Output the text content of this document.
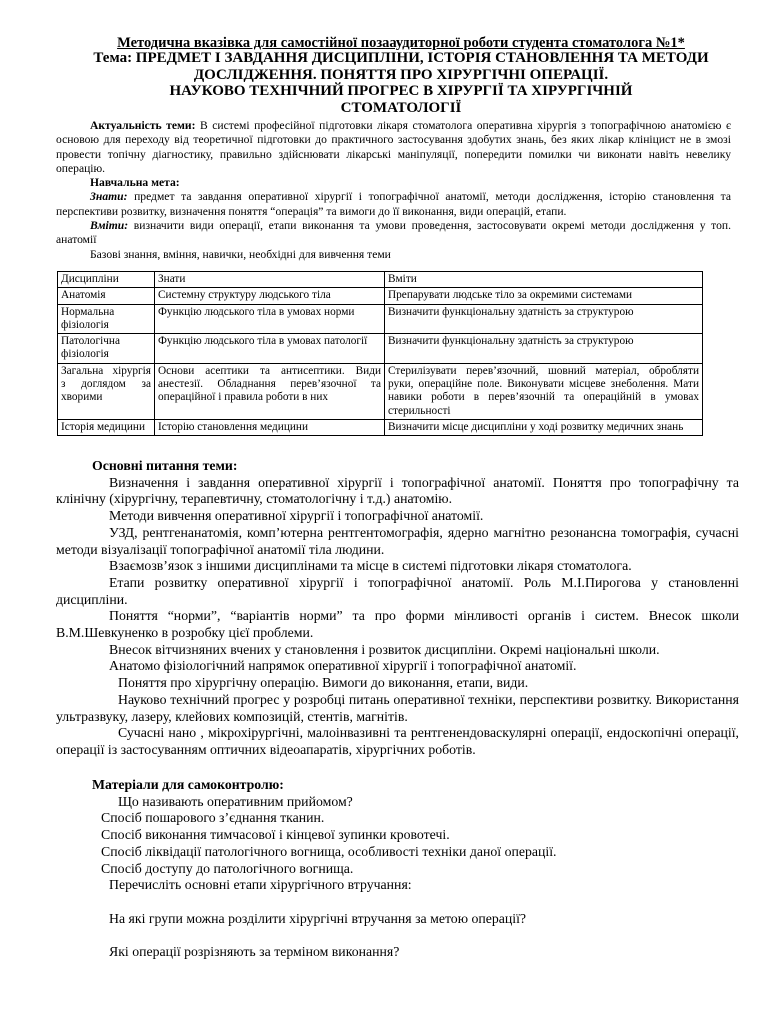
Методична вказівка для самостійної позааудиторної роботи студента стоматолога №1*
Тема: ПРЕДМЕТ І ЗАВДАННЯ ДИСЦИПЛІНИ, ІСТОРІЯ СТАНОВЛЕННЯ ТА МЕТОДИ
ДОСЛІДЖЕННЯ. ПОНЯТТЯ ПРО ХІРУРГІЧНІ ОПЕРАЦІЇ.
НАУКОВО ТЕХНІЧНИЙ ПРОГРЕС В ХІРУРГІЇ ТА ХІРУРГІЧНІЙ
СТОМАТОЛОГІЇ

Актуальність теми: В системі професійної підготовки лікаря стоматолога оперативна хірургія з топографічною анатомією є основою для переходу від теоретичної підготовки до практичного застосування здобутих знань, без яких лікар клініцист не в змозі провести топічну діагностику, правильно здійснювати лікарські маніпуляції, попередити помилки чи виконати навіть невелику операцію.

Навчальна мета:

Знати: предмет та завдання оперативної хірургії і топографічної анатомії, методи дослідження, історію становлення та перспективи розвитку, визначення поняття “операція” та вимоги до її виконання, види операцій, етапи.

Вміти: визначити види операції, етапи виконання та умови проведення, застосовувати окремі методи дослідження у топ. анатомії

Базові знання, вміння, навички, необхідні для вивчення теми

Дисципліни	Знати	Вміти
Анатомія	Системну структуру людського тіла	Препарувати людське тіло за окремими системами
Нормальна фізіологія	Функцію людського тіла в умовах норми	Визначити функціональну здатність за структурою
Патологічна фізіологія	Функцію людського тіла в умовах патології	Визначити функціональну здатність за структурою
Загальна хірургія з доглядом за хворими	Основи асептики та антисептики. Види анестезії. Обладнання перев’язочної та операційної і правила роботи в них	Стерилізувати перев’язочний, шовний матеріал, обробляти руки, операційне поле. Виконувати місцеве знеболення. Мати навики роботи в перев’язочній та операційній в умовах стерильності
Історія медицини	Історію становлення медицини	Визначити місце дисципліни у ході розвитку медичних знань

Основні питання теми:

Визначення і завдання оперативної хірургії і топографічної анатомії. Поняття про топографічну та клінічну (хірургічну, терапевтичну, стоматологічну і т.д.) анатомію.

Методи вивчення оперативної хірургії і топографічної анатомії.

УЗД, рентгенанатомія, комп’ютерна рентгентомографія, ядерно магнітно резонансна томографія, сучасні методи візуалізації топографічної анатомії тіла людини.

Взаємозв’язок з іншими дисциплінами та місце в системі підготовки лікаря стоматолога.

Етапи розвитку оперативної хірургії і топографічної анатомії. Роль М.І.Пирогова у становленні дисципліни.

Поняття “норми”, “варіантів норми” та про форми мінливості органів і систем. Внесок школи В.М.Шевкуненко в розробку цієї проблеми.

Внесок вітчизняних вчених у становлення і розвиток дисципліни. Окремі національні школи.

Анатомо фізіологічний напрямок оперативної хірургії і топографічної анатомії.

Поняття про хірургічну операцію. Вимоги до виконання, етапи, види.

Науково технічний прогрес у розробці питань оперативної техніки, перспективи розвитку. Використання ультразвуку, лазеру, клейових композицій, стентів, магнітів.

Сучасні нано , мікрохірургічні, малоінвазивні та рентгенендоваскулярні операції, ендоскопічні операції, операції із застосуванням оптичних відеоапаратів, хірургічних роботів.

Матеріали для самоконтролю:

Що називають оперативним прийомом?

Спосіб пошарового з’єднання тканин.

Спосіб виконання тимчасової і кінцевої зупинки кровотечі.

Спосіб ліквідації патологічного вогнища, особливості техніки даної операції.

Спосіб доступу до патологічного вогнища.

Перечисліть основні етапи хірургічного втручання:

На які групи можна розділити хірургічні втручання за метою операції?

Які операції розрізняють за терміном виконання?
